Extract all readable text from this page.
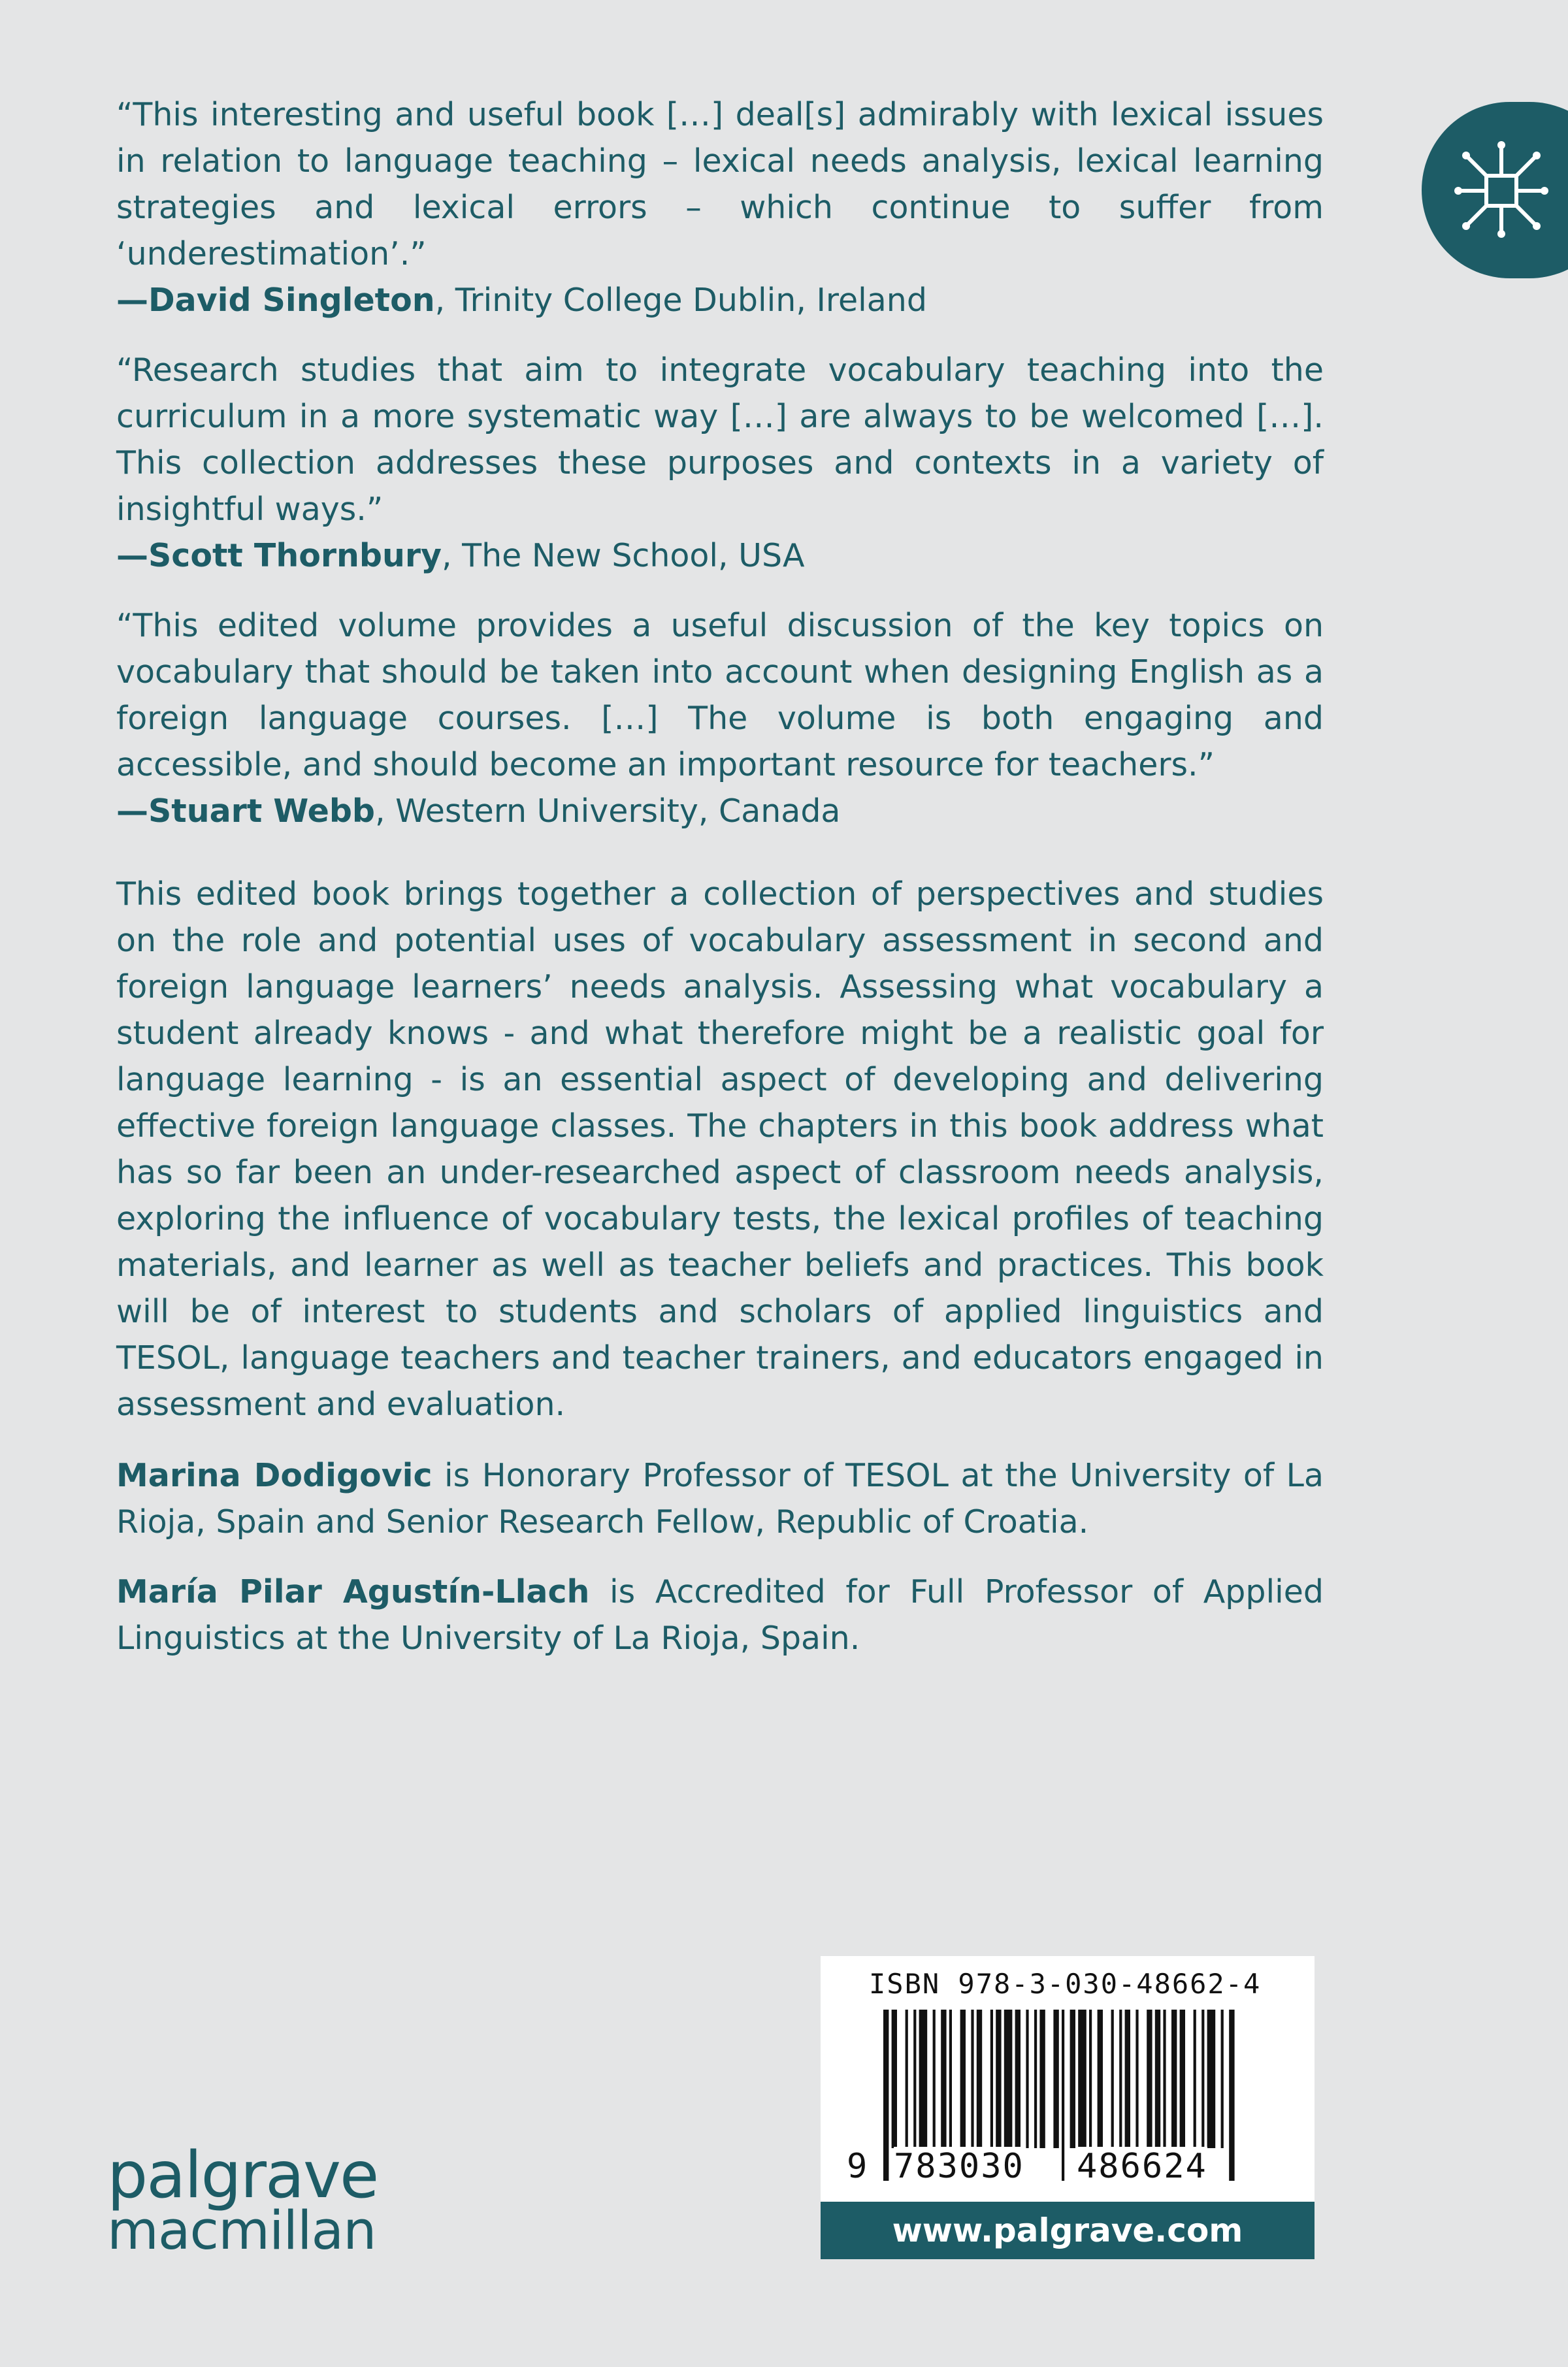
“This interesting and useful book […] deal[s] admirably with lexical issues in relation to language teaching – lexical needs analysis, lexical learning strategies and lexical errors – which continue to suffer from ‘underestimation’.”

—David Singleton, Trinity College Dublin, Ireland

“Research studies that aim to integrate vocabulary teaching into the curriculum in a more systematic way […] are always to be welcomed […]. This collection addresses these purposes and contexts in a variety of insightful ways.”

—Scott Thornbury, The New School, USA

“This edited volume provides a useful discussion of the key topics on vocabulary that should be taken into account when designing English as a foreign language courses. […] The volume is both engaging and accessible, and should become an important resource for teachers.”

—Stuart Webb, Western University, Canada

This edited book brings together a collection of perspectives and studies on the role and potential uses of vocabulary assessment in second and foreign language learners’ needs analysis. Assessing what vocabulary a student already knows - and what therefore might be a realistic goal for language learning - is an essential aspect of developing and delivering effective foreign language classes. The chapters in this book address what has so far been an under-researched aspect of classroom needs analysis, exploring the influence of vocabulary tests, the lexical profiles of teaching materials, and learner as well as teacher beliefs and practices. This book will be of interest to students and scholars of applied linguistics and TESOL, language teachers and teacher trainers, and educators engaged in assessment and evaluation.

Marina Dodigovic is Honorary Professor of TESOL at the University of La Rioja, Spain and Senior Research Fellow, Republic of Croatia.

María Pilar Agustín-Llach is Accredited for Full Professor of Applied Linguistics at the University of La Rioja, Spain.

palgrave
macmillan
ISBN 978-3-030-48662-4
9 783030 486624
www.palgrave.com
